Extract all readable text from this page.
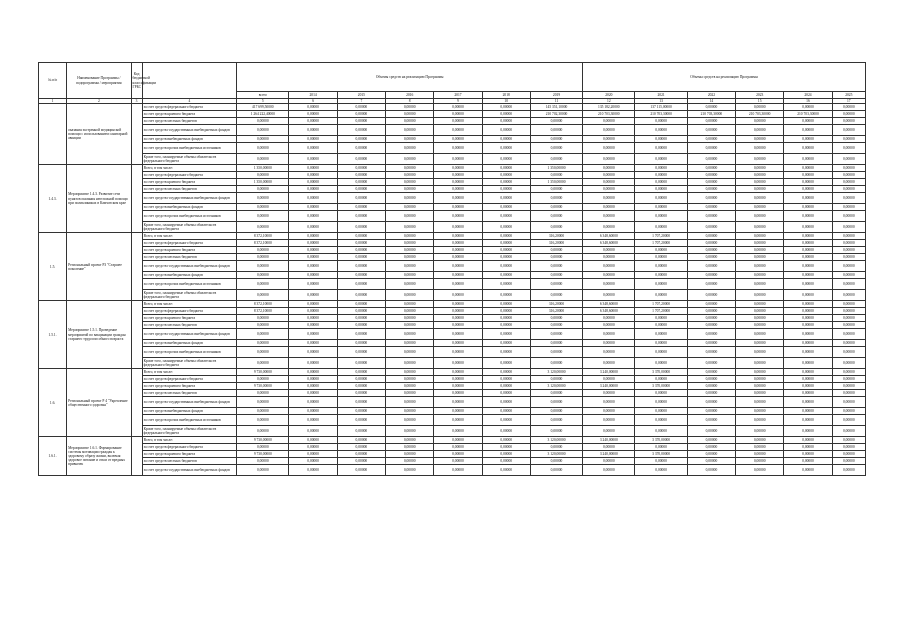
№ п/п	Наименование Программы / подпрограммы / мероприятия	Код бюджетной классификации ГРБС		Объемы средств на реализацию Программы							Объемы средств на реализацию Программы					
				всего	2014	2015	2016	2017	2018	2019	2020	2021	2022	2023	2024	2025
1	2	3	4	5	6	7	8	9	10	11	12	13	14	15	16	17
	оказания экстренной медицинской помощи с использованием санитарной авиации		за счет средств федерального бюджета	417 699,50000	0,00000	0,00000	0,00000	0,00000	0,00000	145 351,10000	135 182,20000	137 115,00000	0,00000	0,00000	0,00000	0,00000
			за счет средств краевого бюджета	1 264 222,40000	0,00000	0,00000	0,00000	0,00000	0,00000	210 702,30000	210 703,30000	210 703,30000	210 703,30000	210 703,30000	210 703,30000	0,00000
			за счет средств местных бюджетов	0,00000	0,00000	0,00000	0,00000	0,00000	0,00000	0,00000	0,00000	0,00000	0,00000	0,00000	0,00000	0,00000
			за счет средств государственных внебюджетных фондов	0,00000	0,00000	0,00000	0,00000	0,00000	0,00000	0,00000	0,00000	0,00000	0,00000	0,00000	0,00000	0,00000
			за счет средств внебюджетных фондов	0,00000	0,00000	0,00000	0,00000	0,00000	0,00000	0,00000	0,00000	0,00000	0,00000	0,00000	0,00000	0,00000
			за счет средств прочих внебюджетных источников	0,00000	0,00000	0,00000	0,00000	0,00000	0,00000	0,00000	0,00000	0,00000	0,00000	0,00000	0,00000	0,00000
			Кроме того, планируемые объемы обязательств федерального бюджета	0,00000	0,00000	0,00000	0,00000	0,00000	0,00000	0,00000	0,00000	0,00000	0,00000	0,00000	0,00000	0,00000
1.4.3.	Мероприятие 1.4.3. Развитие сети пунктов оказания неотложной помощи при поликлиниках в Камчатском крае		Всего, в том числе:	1 350,00000	0,00000	0,00000	0,00000	0,00000	0,00000	1 350,00000	0,00000	0,00000	0,00000	0,00000	0,00000	0,00000
			за счет средств федерального бюджета	0,00000	0,00000	0,00000	0,00000	0,00000	0,00000	0,00000	0,00000	0,00000	0,00000	0,00000	0,00000	0,00000
			за счет средств краевого бюджета	1 350,00000	0,00000	0,00000	0,00000	0,00000	0,00000	1 350,00000	0,00000	0,00000	0,00000	0,00000	0,00000	0,00000
			за счет средств местных бюджетов	0,00000	0,00000	0,00000	0,00000	0,00000	0,00000	0,00000	0,00000	0,00000	0,00000	0,00000	0,00000	0,00000
			за счет средств государственных внебюджетных фондов	0,00000	0,00000	0,00000	0,00000	0,00000	0,00000	0,00000	0,00000	0,00000	0,00000	0,00000	0,00000	0,00000
			за счет средств внебюджетных фондов	0,00000	0,00000	0,00000	0,00000	0,00000	0,00000	0,00000	0,00000	0,00000	0,00000	0,00000	0,00000	0,00000
			за счет средств прочих внебюджетных источников	0,00000	0,00000	0,00000	0,00000	0,00000	0,00000	0,00000	0,00000	0,00000	0,00000	0,00000	0,00000	0,00000
			Кроме того, планируемые объемы обязательств федерального бюджета	0,00000	0,00000	0,00000	0,00000	0,00000	0,00000	0,00000	0,00000	0,00000	0,00000	0,00000	0,00000	0,00000
1.5.	Региональный проект Р3 "Старшее поколение"		Всего, в том числе:	8 372,10000	0,00000	0,00000	0,00000	0,00000	0,00000	316,20000	6 348,60000	1 707,20000	0,00000	0,00000	0,00000	0,00000
			за счет средств федерального бюджета	8 372,10000	0,00000	0,00000	0,00000	0,00000	0,00000	316,20000	6 348,60000	1 707,20000	0,00000	0,00000	0,00000	0,00000
			за счет средств краевого бюджета	0,00000	0,00000	0,00000	0,00000	0,00000	0,00000	0,00000	0,00000	0,00000	0,00000	0,00000	0,00000	0,00000
			за счет средств местных бюджетов	0,00000	0,00000	0,00000	0,00000	0,00000	0,00000	0,00000	0,00000	0,00000	0,00000	0,00000	0,00000	0,00000
			за счет средств государственных внебюджетных фондов	0,00000	0,00000	0,00000	0,00000	0,00000	0,00000	0,00000	0,00000	0,00000	0,00000	0,00000	0,00000	0,00000
			за счет средств внебюджетных фондов	0,00000	0,00000	0,00000	0,00000	0,00000	0,00000	0,00000	0,00000	0,00000	0,00000	0,00000	0,00000	0,00000
			за счет средств прочих внебюджетных источников	0,00000	0,00000	0,00000	0,00000	0,00000	0,00000	0,00000	0,00000	0,00000	0,00000	0,00000	0,00000	0,00000
			Кроме того, планируемые объемы обязательств федерального бюджета	0,00000	0,00000	0,00000	0,00000	0,00000	0,00000	0,00000	0,00000	0,00000	0,00000	0,00000	0,00000	0,00000
1.5.1.	Мероприятие 1.5.1. Проведение мероприятий по вакцинации граждан старшего трудоспособного возраста		Всего, в том числе:	8 372,10000	0,00000	0,00000	0,00000	0,00000	0,00000	316,20000	6 348,60000	1 707,20000	0,00000	0,00000	0,00000	0,00000
			за счет средств федерального бюджета	8 372,10000	0,00000	0,00000	0,00000	0,00000	0,00000	316,20000	6 348,60000	1 707,20000	0,00000	0,00000	0,00000	0,00000
			за счет средств краевого бюджета	0,00000	0,00000	0,00000	0,00000	0,00000	0,00000	0,00000	0,00000	0,00000	0,00000	0,00000	0,00000	0,00000
			за счет средств местных бюджетов	0,00000	0,00000	0,00000	0,00000	0,00000	0,00000	0,00000	0,00000	0,00000	0,00000	0,00000	0,00000	0,00000
			за счет средств государственных внебюджетных фондов	0,00000	0,00000	0,00000	0,00000	0,00000	0,00000	0,00000	0,00000	0,00000	0,00000	0,00000	0,00000	0,00000
			за счет средств внебюджетных фондов	0,00000	0,00000	0,00000	0,00000	0,00000	0,00000	0,00000	0,00000	0,00000	0,00000	0,00000	0,00000	0,00000
			за счет средств прочих внебюджетных источников	0,00000	0,00000	0,00000	0,00000	0,00000	0,00000	0,00000	0,00000	0,00000	0,00000	0,00000	0,00000	0,00000
			Кроме того, планируемые объемы обязательств федерального бюджета	0,00000	0,00000	0,00000	0,00000	0,00000	0,00000	0,00000	0,00000	0,00000	0,00000	0,00000	0,00000	0,00000
1.6.	Региональный проект Р 4 "Укрепление общественного здоровья"		Всего, в том числе:	9 730,00000	0,00000	0,00000	0,00000	0,00000	0,00000	3 120,00000	3 240,00000	3 370,00000	0,00000	0,00000	0,00000	0,00000
			за счет средств федерального бюджета	0,00000	0,00000	0,00000	0,00000	0,00000	0,00000	0,00000	0,00000	0,00000	0,00000	0,00000	0,00000	0,00000
			за счет средств краевого бюджета	9 730,00000	0,00000	0,00000	0,00000	0,00000	0,00000	3 120,00000	3 240,00000	3 370,00000	0,00000	0,00000	0,00000	0,00000
			за счет средств местных бюджетов	0,00000	0,00000	0,00000	0,00000	0,00000	0,00000	0,00000	0,00000	0,00000	0,00000	0,00000	0,00000	0,00000
			за счет средств государственных внебюджетных фондов	0,00000	0,00000	0,00000	0,00000	0,00000	0,00000	0,00000	0,00000	0,00000	0,00000	0,00000	0,00000	0,00000
			за счет средств внебюджетных фондов	0,00000	0,00000	0,00000	0,00000	0,00000	0,00000	0,00000	0,00000	0,00000	0,00000	0,00000	0,00000	0,00000
			за счет средств прочих внебюджетных источников	0,00000	0,00000	0,00000	0,00000	0,00000	0,00000	0,00000	0,00000	0,00000	0,00000	0,00000	0,00000	0,00000
			Кроме того, планируемые объемы обязательств федерального бюджета	0,00000	0,00000	0,00000	0,00000	0,00000	0,00000	0,00000	0,00000	0,00000	0,00000	0,00000	0,00000	0,00000
1.6.1.	Мероприятие 1.6.1. Формирование системы мотивации граждан к здоровому образу жизни, включая здоровое питание и отказ от вредных привычек		Всего, в том числе:	9 730,00000	0,00000	0,00000	0,00000	0,00000	0,00000	3 120,00000	3 240,00000	3 370,00000	0,00000	0,00000	0,00000	0,00000
			за счет средств федерального бюджета	0,00000	0,00000	0,00000	0,00000	0,00000	0,00000	0,00000	0,00000	0,00000	0,00000	0,00000	0,00000	0,00000
			за счет средств краевого бюджета	9 730,00000	0,00000	0,00000	0,00000	0,00000	0,00000	3 120,00000	3 240,00000	3 370,00000	0,00000	0,00000	0,00000	0,00000
			за счет средств местных бюджетов	0,00000	0,00000	0,00000	0,00000	0,00000	0,00000	0,00000	0,00000	0,00000	0,00000	0,00000	0,00000	0,00000
			за счет средств государственных внебюджетных фондов	0,00000	0,00000	0,00000	0,00000	0,00000	0,00000	0,00000	0,00000	0,00000	0,00000	0,00000	0,00000	0,00000
